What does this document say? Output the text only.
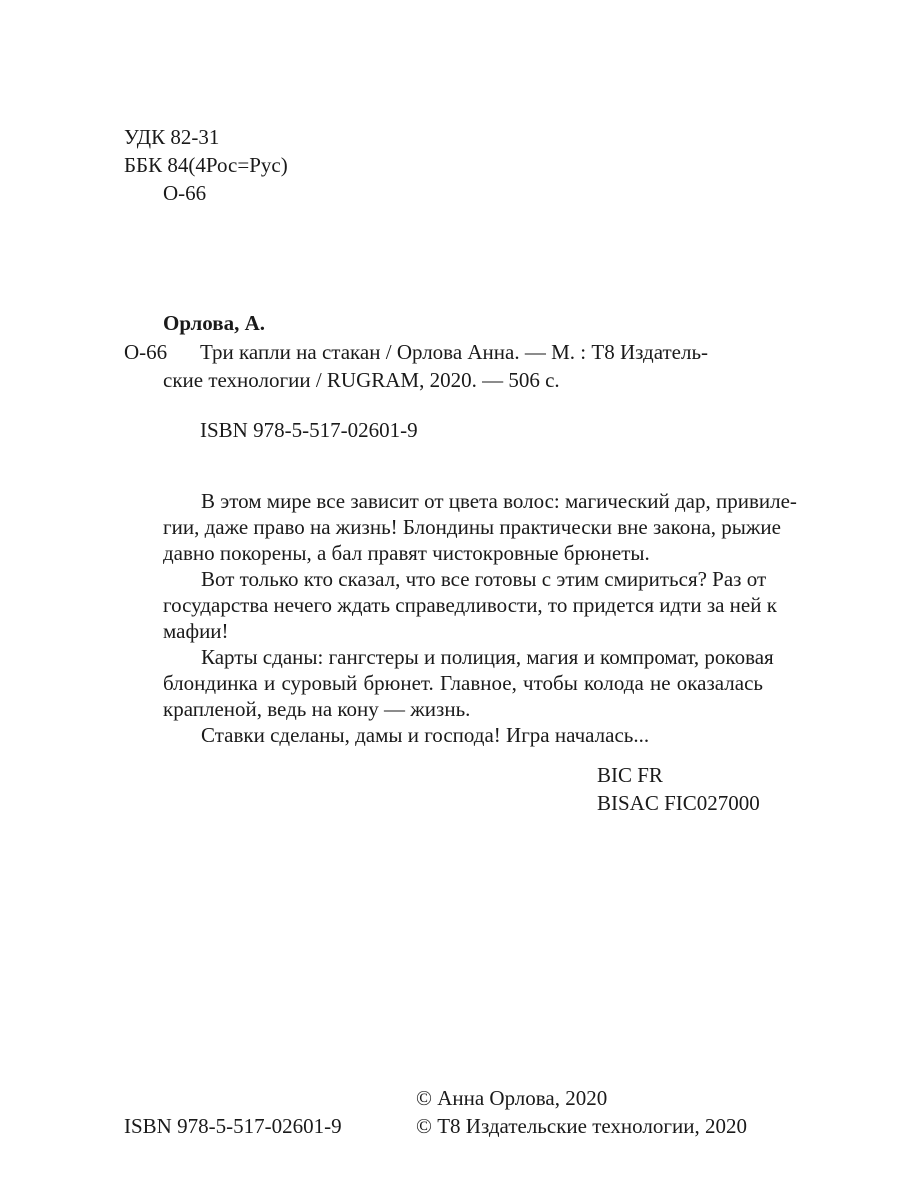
УДК 82-31
ББК 84(4Рос=Рус)
О-66
Орлова, А.
О-66 Три капли на стакан / Орлова Анна. — М. : Т8 Издатель-
ские технологии / RUGRAM, 2020. — 506 с.
ISBN 978-5-517-02601-9
В этом мире все зависит от цвета волос: магический дар, привиле-
гии, даже право на жизнь! Блондины практически вне закона, рыжие
давно покорены, а бал правят чистокровные брюнеты.
Вот только кто сказал, что все готовы с этим смириться? Раз от
государства нечего ждать справедливости, то придется идти за ней к
мафии!
Карты сданы: гангстеры и полиция, магия и компромат, роковая
блондинка и суровый брюнет. Главное, чтобы колода не оказалась
крапленой, ведь на кону — жизнь.
Ставки сделаны, дамы и господа! Игра началась...
BIC FR
BISAC FIC027000
© Анна Орлова, 2020
ISBN 978-5-517-02601-9	© Т8 Издательские технологии, 2020
